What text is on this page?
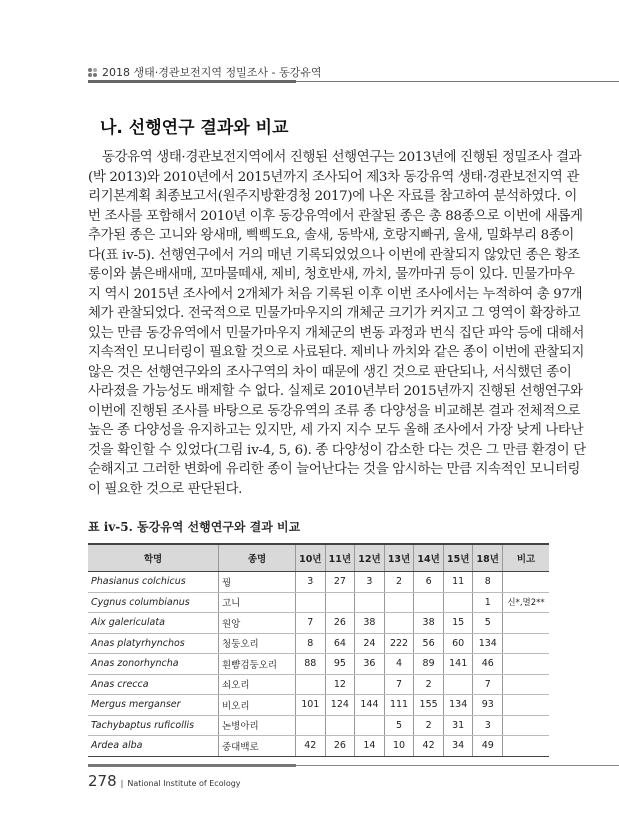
2018 생태·경관보전지역 정밀조사 - 동강유역
나. 선행연구 결과와 비교
동강유역 생태·경관보전지역에서 진행된 선행연구는 2013년에 진행된 정밀조사 결과
(박 2013)와 2010년에서 2015년까지 조사되어 제3차 동강유역 생태·경관보전지역 관
리기본계획 최종보고서(원주지방환경청 2017)에 나온 자료를 참고하여 분석하였다. 이
번 조사를 포함해서 2010년 이후 동강유역에서 관찰된 종은 총 88종으로 이번에 새롭게
추가된 종은 고니와 왕새매, 삑삑도요, 솔새, 동박새, 호랑지빠귀, 울새, 밀화부리 8종이
다(표 ⅳ-5). 선행연구에서 거의 매년 기록되었었으나 이번에 관찰되지 않았던 종은 황조
롱이와 붉은배새매, 꼬마물떼새, 제비, 청호반새, 까치, 물까마귀 등이 있다. 민물가마우
지 역시 2015년 조사에서 2개체가 처음 기록된 이후 이번 조사에서는 누적하여 총 97개
체가 관찰되었다. 전국적으로 민물가마우지의 개체군 크기가 커지고 그 영역이 확장하고
있는 만큼 동강유역에서 민물가마우지 개체군의 변동 과정과 번식 집단 파악 등에 대해서
지속적인 모니터링이 필요할 것으로 사료된다. 제비나 까치와 같은 종이 이번에 관찰되지
않은 것은 선행연구와의 조사구역의 차이 때문에 생긴 것으로 판단되나, 서식했던 종이
사라졌을 가능성도 배제할 수 없다. 실제로 2010년부터 2015년까지 진행된 선행연구와
이번에 진행된 조사를 바탕으로 동강유역의 조류 종 다양성을 비교해본 결과 전체적으로
높은 종 다양성을 유지하고는 있지만, 세 가지 지수 모두 올해 조사에서 가장 낮게 나타난
것을 확인할 수 있었다(그림 ⅳ-4, 5, 6). 종 다양성이 감소한 다는 것은 그 만큼 환경이 단
순해지고 그러한 변화에 유리한 종이 늘어난다는 것을 암시하는 만큼 지속적인 모니터링
이 필요한 것으로 판단된다.
표 ⅳ-5. 동강유역 선행연구와 결과 비교
학명	종명	10년	11년	12년	13년	14년	15년	18년	비고
Phasianus colchicus	꿩	3	27	3	2	6	11	8	
Cygnus columbianus	고니							1	신*,멸2**
Aix galericulata	원앙	7	26	38		38	15	5	
Anas platyrhynchos	청둥오리	8	64	24	222	56	60	134	
Anas zonorhyncha	흰뺨검둥오리	88	95	36	4	89	141	46	
Anas crecca	쇠오리		12		7	2		7	
Mergus merganser	비오리	101	124	144	111	155	134	93	
Tachybaptus ruficollis	논병아리				5	2	31	3	
Ardea alba	중대백로	42	26	14	10	42	34	49	
278 | National Institute of Ecology
